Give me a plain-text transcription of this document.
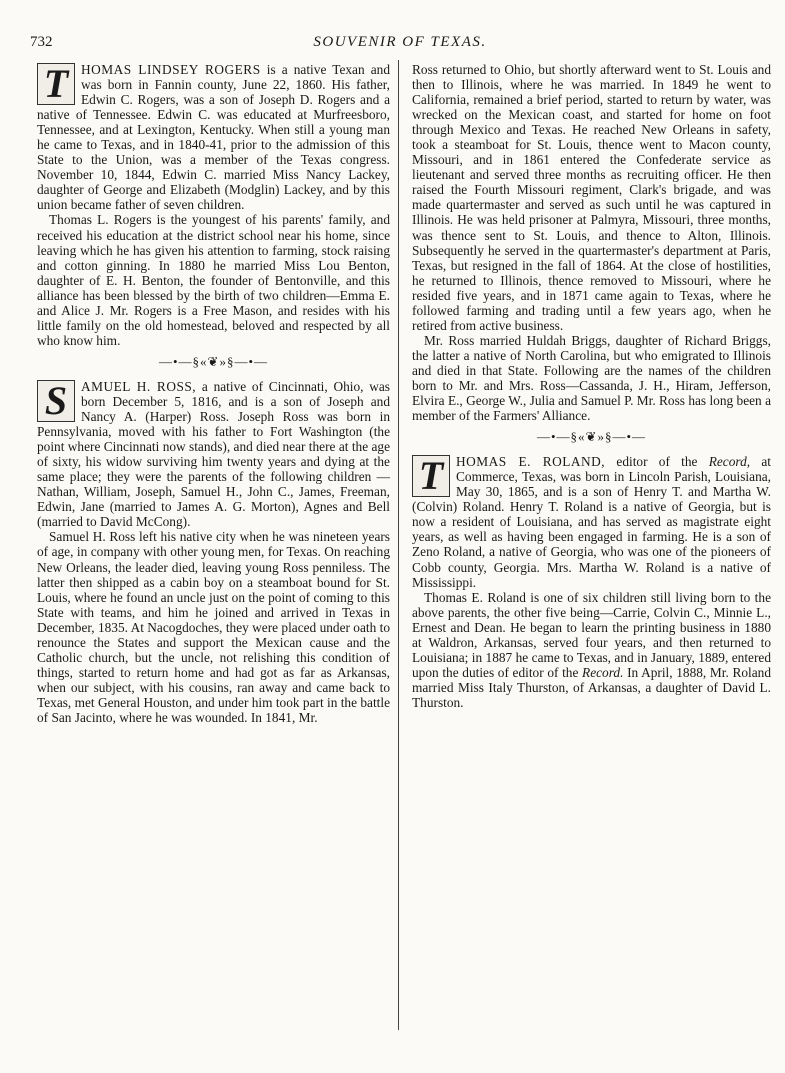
732	SOUVENIR OF TEXAS.

T HOMAS LINDSEY ROGERS is a native Texan and was born in Fannin county, June 22, 1860. His father, Edwin C. Rogers, was a son of Joseph D. Rogers and a native of Tennessee. Edwin C. was educated at Murfreesboro, Tennessee, and at Lexington, Kentucky. When still a young man he came to Texas, and in 1840-41, prior to the admission of this State to the Union, was a member of the Texas congress. November 10, 1844, Edwin C. married Miss Nancy Lackey, daughter of George and Elizabeth (Modglin) Lackey, and by this union became father of seven children.

Thomas L. Rogers is the youngest of his parents' family, and received his education at the district school near his home, since leaving which he has given his attention to farming, stock raising and cotton ginning. In 1880 he married Miss Lou Benton, daughter of E. H. Benton, the founder of Bentonville, and this alliance has been blessed by the birth of two children—Emma E. and Alice J. Mr. Rogers is a Free Mason, and resides with his little family on the old homestead, beloved and respected by all who know him.

—•—§«❦»§—•—

S	AMUEL H. ROSS, a native of Cincinnati, Ohio, was born December 5, 1816, and is a son of Joseph and Nancy A. (Harper) Ross. Joseph Ross was born in Pennsylvania, moved with his father to Fort Washington (the point where Cincinnati now stands), and died near there at the age of sixty, his widow surviving him twenty years and dying at the same place; they were the parents of the following children — Nathan, William, Joseph, Samuel H., John C., James, Freeman, Edwin, Jane (married to James A. G. Morton), Agnes and Bell (married to David McCong).

Samuel H. Ross left his native city when he was nineteen years of age, in company with other young men, for Texas. On reaching New Orleans, the leader died, leaving young Ross penniless. The latter then shipped as a cabin boy on a steamboat bound for St. Louis, where he found an uncle just on the point of coming to this State with teams, and him he joined and arrived in Texas in December, 1835. At Nacogdoches, they were placed under oath to renounce the States and support the Mexican cause and the Catholic church, but the uncle, not relishing this condition of things, started to return home and had got as far as Arkansas, when our subject, with his cousins, ran away and came back to Texas, met General Houston, and under him took part in the battle of San Jacinto, where he was wounded. In 1841, Mr.

Ross returned to Ohio, but shortly afterward went to St. Louis and then to Illinois, where he was married. In 1849 he went to California, remained a brief period, started to return by water, was wrecked on the Mexican coast, and started for home on foot through Mexico and Texas. He reached New Orleans in safety, took a steamboat for St. Louis, thence went to Macon county, Missouri, and in 1861 entered the Confederate service as lieutenant and served three months as recruiting officer. He then raised the Fourth Missouri regiment, Clark's brigade, and was made quartermaster and served as such until he was captured in Illinois. He was held prisoner at Palmyra, Missouri, three months, was thence sent to St. Louis, and thence to Alton, Illinois. Subsequently he served in the quartermaster's department at Paris, Texas, but resigned in the fall of 1864. At the close of hostilities, he returned to Illinois, thence removed to Missouri, where he resided five years, and in 1871 came again to Texas, where he followed farming and trading until a few years ago, when he retired from active business.

Mr. Ross married Huldah Briggs, daughter of Richard Briggs, the latter a native of North Carolina, but who emigrated to Illinois and died in that State. Following are the names of the children born to Mr. and Mrs. Ross—Cassanda, J. H., Hiram, Jefferson, Elvira E., George W., Julia and Samuel P. Mr. Ross has long been a member of the Farmers' Alliance.

—•—§«❦»§—•—

T HOMAS E. ROLAND, editor of the Record, at Commerce, Texas, was born in Lincoln Parish, Louisiana, May 30, 1865, and is a son of Henry T. and Martha W. (Colvin) Roland. Henry T. Roland is a native of Georgia, but is now a resident of Louisiana, and has served as magistrate eight years, as well as having been engaged in farming. He is a son of Zeno Roland, a native of Georgia, who was one of the pioneers of Cobb county, Georgia. Mrs. Martha W. Roland is a native of Mississippi.

Thomas E. Roland is one of six children still living born to the above parents, the other five being—Carrie, Colvin C., Minnie L., Ernest and Dean. He began to learn the printing business in 1880 at Waldron, Arkansas, served four years, and then returned to Louisiana; in 1887 he came to Texas, and in January, 1889, entered upon the duties of editor of the Record. In April, 1888, Mr. Roland married Miss Italy Thurston, of Arkansas, a daughter of David L. Thurston.
